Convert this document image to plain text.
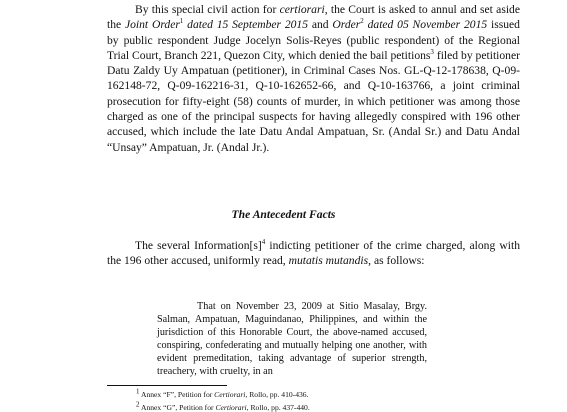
By this special civil action for certiorari, the Court is asked to annul and set aside the Joint Order$^1$ dated 15 September 2015 and Order$^2$ dated 05 November 2015 issued by public respondent Judge Jocelyn Solis-Reyes (public respondent) of the Regional Trial Court, Branch 221, Quezon City, which denied the bail petitions$^3$ filed by petitioner Datu Zaldy Uy Ampatuan (petitioner), in Criminal Cases Nos. GL-Q-12-178638, Q-09-162148-72, Q-09-162216-31, Q-10-162652-66, and Q-10-163766, a joint criminal prosecution for fifty-eight (58) counts of murder, in which petitioner was among those charged as one of the principal suspects for having allegedly conspired with 196 other accused, which include the late Datu Andal Ampatuan, Sr. (Andal Sr.) and Datu Andal “Unsay” Ampatuan, Jr. (Andal Jr.).

The Antecedent Facts

The several $Information[s]^4$ indicting petitioner of the crime charged, along with the 196 other accused, uniformly read, mutatis mutandis, as follows:

That on November 23, 2009 at Sitio Masalay, Brgy. Salman, Ampatuan, Maguindanao, Philippines, and within the jurisdiction of this Honorable Court, the above-named accused, conspiring, confederating and mutually helping one another, with evident premeditation, taking advantage of superior strength, treachery, with cruelty, in an

$^1$ Annex “F”, Petition for Certiorari, Rollo, pp. 410-436.
$^2$ Annex “G”, Petition for Certiorari, Rollo, pp. 437-440.
